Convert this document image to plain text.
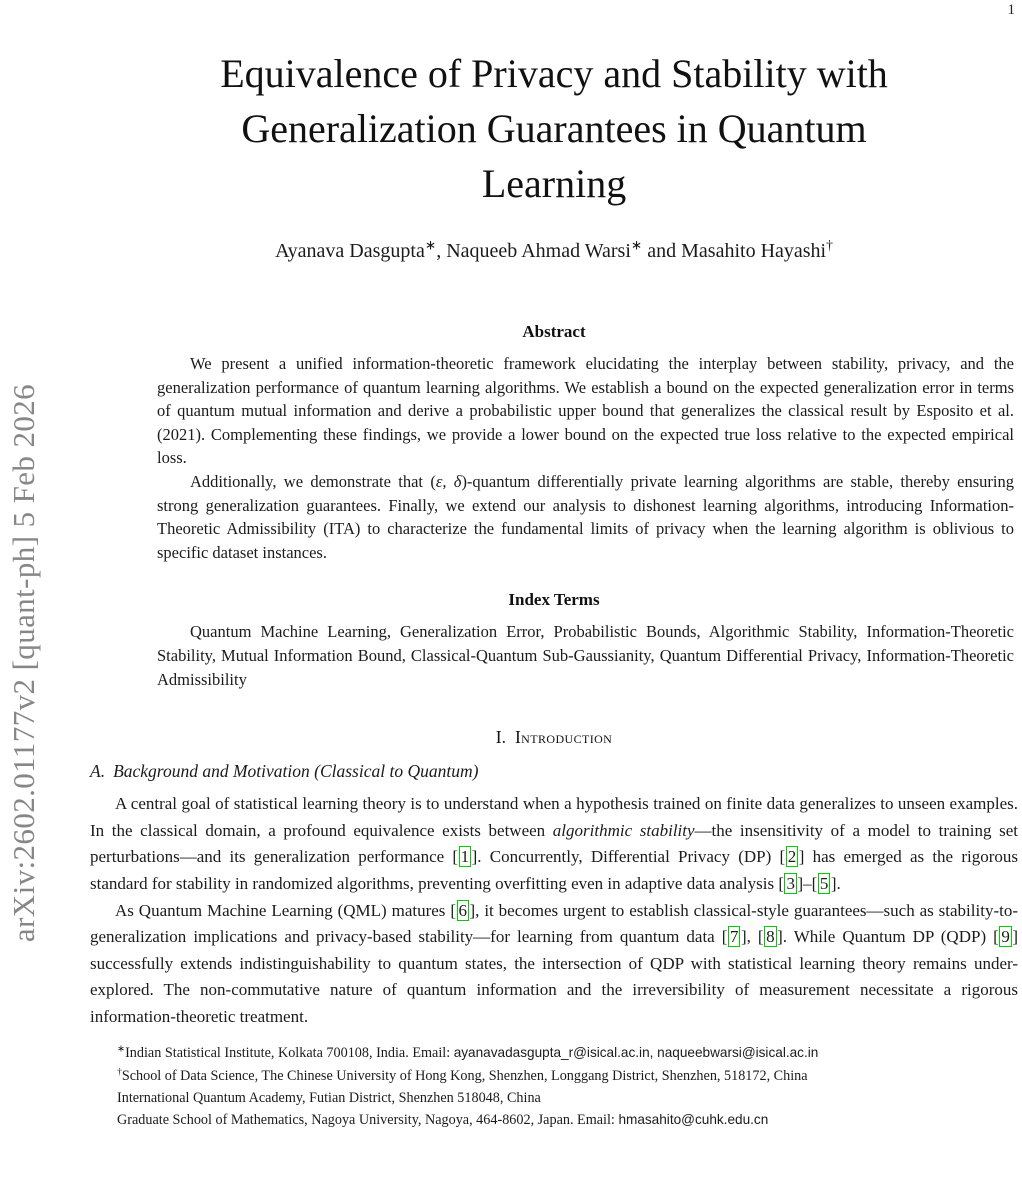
1
arXiv:2602.01177v2 [quant-ph] 5 Feb 2026
Equivalence of Privacy and Stability with
Generalization Guarantees in Quantum
Learning
Ayanava Dasgupta∗, Naqueeb Ahmad Warsi∗ and Masahito Hayashi†
Abstract

We present a unified information-theoretic framework elucidating the interplay between stability, privacy, and the generalization performance of quantum learning algorithms. We establish a bound on the expected generalization error in terms of quantum mutual information and derive a probabilistic upper bound that generalizes the classical result by Esposito et al. (2021). Complementing these findings, we provide a lower bound on the expected true loss relative to the expected empirical loss.

Additionally, we demonstrate that (ε, δ)-quantum differentially private learning algorithms are stable, thereby ensuring strong generalization guarantees. Finally, we extend our analysis to dishonest learning algorithms, introducing Information-Theoretic Admissibility (ITA) to characterize the fundamental limits of privacy when the learning algorithm is oblivious to specific dataset instances.

Index Terms

Quantum Machine Learning, Generalization Error, Probabilistic Bounds, Algorithmic Stability, Information-Theoretic Stability, Mutual Information Bound, Classical-Quantum Sub-Gaussianity, Quantum Differential Privacy, Information-Theoretic Admissibility

I. Introduction
A. Background and Motivation (Classical to Quantum)

A central goal of statistical learning theory is to understand when a hypothesis trained on finite data generalizes to unseen examples. In the classical domain, a profound equivalence exists between algorithmic stability—the insensitivity of a model to training set perturbations—and its generalization performance [ 1 ]. Concurrently, Differential Privacy (DP) [ 2 ] has emerged as the rigorous standard for stability in randomized algorithms, preventing overfitting even in adaptive data analysis [ 3 ]–[ 5 ].

As Quantum Machine Learning (QML) matures [ 6 ], it becomes urgent to establish classical-style guarantees—such as stability-to-generalization implications and privacy-based stability—for learning from quantum data [ 7 ], [ 8 ]. While Quantum DP (QDP) [ 9 ] successfully extends indistinguishability to quantum states, the intersection of QDP with statistical learning theory remains under-explored. The non-commutative nature of quantum information and the irreversibility of measurement necessitate a rigorous information-theoretic treatment.

∗Indian Statistical Institute, Kolkata 700108, India. Email: ayanavadasgupta_r@isical.ac.in, naqueebwarsi@isical.ac.in
†School of Data Science, The Chinese University of Hong Kong, Shenzhen, Longgang District, Shenzhen, 518172, China
International Quantum Academy, Futian District, Shenzhen 518048, China
Graduate School of Mathematics, Nagoya University, Nagoya, 464-8602, Japan. Email: hmasahito@cuhk.edu.cn
